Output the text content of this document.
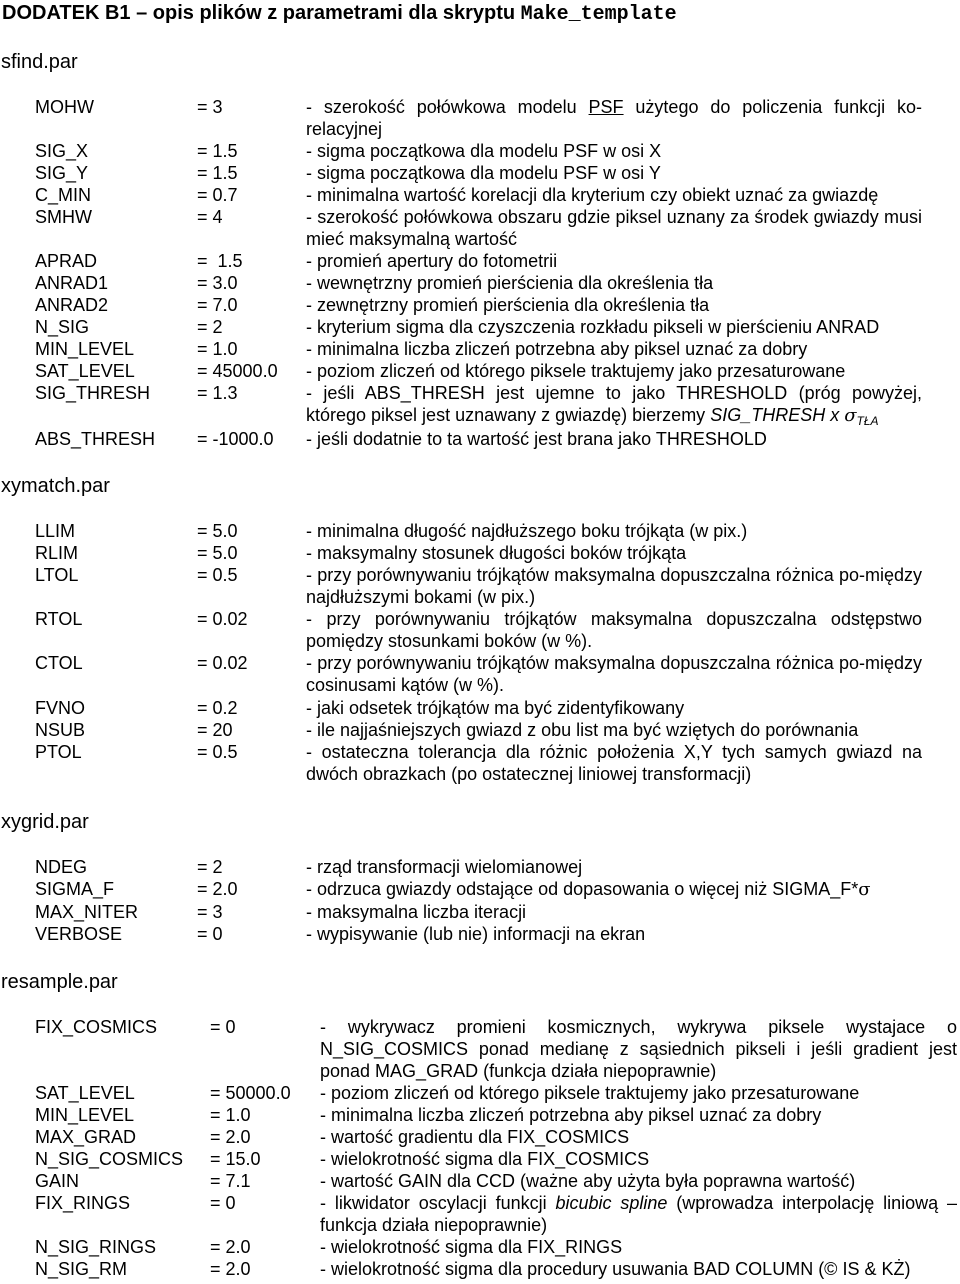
DODATEK B1 – opis plików z parametrami dla skryptu Make_template
sfind.par
MOHW	= 3	- szerokość połówkowa modelu PSF użytego do policzenia funkcji ko-relacyjnej
SIG_X	= 1.5	- sigma początkowa dla modelu PSF w osi X
SIG_Y	= 1.5	- sigma początkowa dla modelu PSF w osi Y
C_MIN	= 0.7	- minimalna wartość korelacji dla kryterium czy obiekt uznać za gwiazdę
SMHW	= 4	- szerokość połówkowa obszaru gdzie piksel uznany za środek gwiazdy musi mieć maksymalną wartość
APRAD	=  1.5	- promień apertury do fotometrii
ANRAD1	= 3.0	- wewnętrzny promień pierścienia dla określenia tła
ANRAD2	= 7.0	- zewnętrzny promień pierścienia dla określenia tła
N_SIG	= 2	- kryterium sigma dla czyszczenia rozkładu pikseli w pierścieniu ANRAD
MIN_LEVEL	= 1.0	- minimalna liczba zliczeń potrzebna aby piksel uznać za dobry
SAT_LEVEL	= 45000.0 - poziom zliczeń od którego piksele traktujemy jako przesaturowane
SIG_THRESH	= 1.3	- jeśli ABS_THRESH jest ujemne to jako THRESHOLD (próg powyżej, którego piksel jest uznawany z gwiazdę) bierzemy SIG_THRESH x $\sigma_{TŁA}$
ABS_THRESH = -1000.0 - jeśli dodatnie to ta wartość jest brana jako THRESHOLD
xymatch.par
LLIM	= 5.0	- minimalna długość najdłuższego boku trójkąta (w pix.)
RLIM	= 5.0	- maksymalny stosunek długości boków trójkąta
LTOL	= 0.5	- przy porównywaniu trójkątów maksymalna dopuszczalna różnica po-między najdłuższymi bokami (w pix.)
RTOL	= 0.02	- przy porównywaniu trójkątów maksymalna dopuszczalna odstępstwo pomiędzy stosunkami boków (w %).
CTOL	= 0.02	- przy porównywaniu trójkątów maksymalna dopuszczalna różnica po-między cosinusami kątów (w %).
FVNO	= 0.2	- jaki odsetek trójkątów ma być zidentyfikowany
NSUB	= 20	- ile najjaśniejszych gwiazd z obu list ma być wziętych do porównania
PTOL	= 0.5	- ostateczna tolerancja dla różnic położenia X,Y tych samych gwiazd na dwóch obrazkach (po ostatecznej liniowej transformacji)
xygrid.par
NDEG	= 2	- rząd transformacji wielomianowej
SIGMA_F	= 2.0	- odrzuca gwiazdy odstające od dopasowania o więcej niż SIGMA_F*σ
MAX_NITER	= 3	- maksymalna liczba iteracji
VERBOSE	= 0	- wypisywanie (lub nie) informacji na ekran
resample.par
FIX_COSMICS	= 0	- wykrywacz promieni kosmicznych, wykrywa piksele wystajace o N_SIG_COSMICS ponad medianę z sąsiednich pikseli i jeśli gradient jest ponad MAG_GRAD (funkcja działa niepoprawnie)
SAT_LEVEL	= 50000.0 - poziom zliczeń od którego piksele traktujemy jako przesaturowane
MIN_LEVEL	= 1.0	- minimalna liczba zliczeń potrzebna aby piksel uznać za dobry
MAX_GRAD	= 2.0	- wartość gradientu dla FIX_COSMICS
N_SIG_COSMICS = 15.0	- wielokrotność sigma dla FIX_COSMICS
GAIN	= 7.1	- wartość GAIN dla CCD (ważne aby użyta była poprawna wartość)
FIX_RINGS	= 0	- likwidator oscylacji funkcji bicubic spline (wprowadza interpolację liniową – funkcja działa niepoprawnie)
N_SIG_RINGS	= 2.0	- wielokrotność sigma dla FIX_RINGS
N_SIG_RM	= 2.0	- wielokrotność sigma dla procedury usuwania BAD COLUMN (© IS & KŻ)
